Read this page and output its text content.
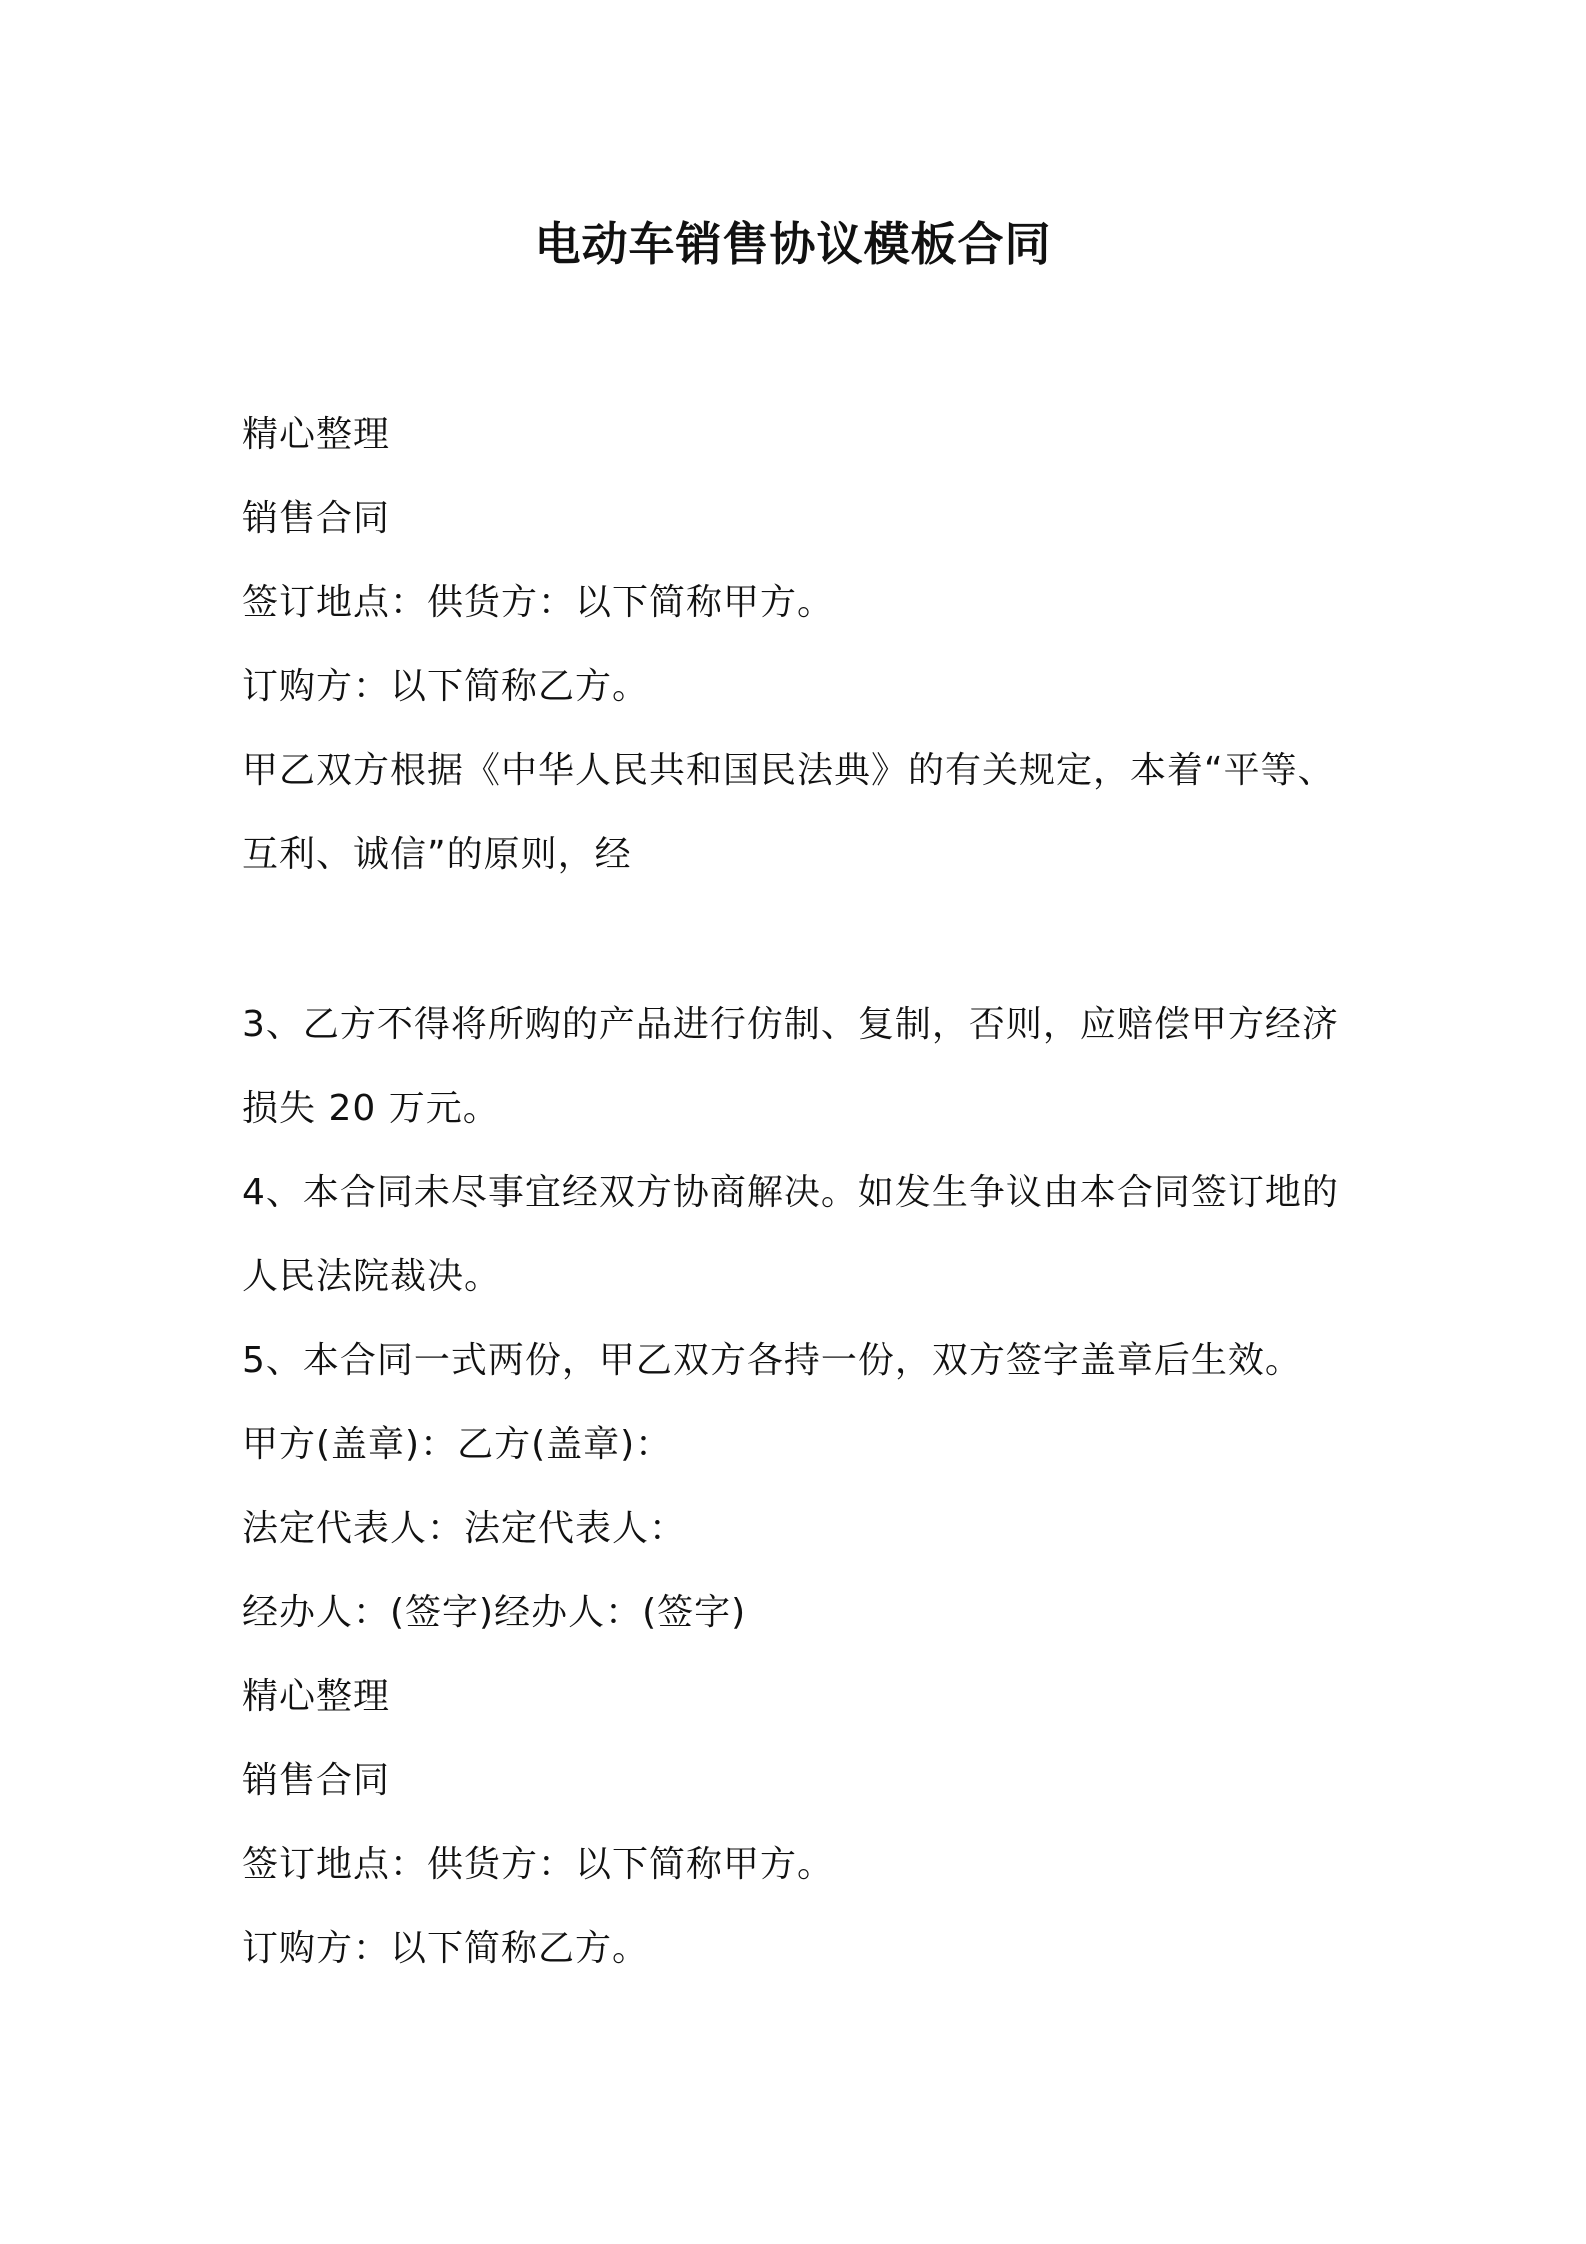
电动车销售协议模板合同
精心整理
销售合同
签订地点：供货方：以下简称甲方。
订购方：以下简称乙方。
甲乙双方根据《中华人民共和国民法典》的有关规定，本着“平等、
互利、诚信”的原则，经
3、乙方不得将所购的产品进行仿制、复制，否则，应赔偿甲方经济
损失 20 万元。
4、本合同未尽事宜经双方协商解决。如发生争议由本合同签订地的
人民法院裁决。
5、本合同一式两份，甲乙双方各持一份，双方签字盖章后生效。
甲方(盖章)：乙方(盖章)：
法定代表人：法定代表人：
经办人：(签字)经办人：(签字)
精心整理
销售合同
签订地点：供货方：以下简称甲方。
订购方：以下简称乙方。
